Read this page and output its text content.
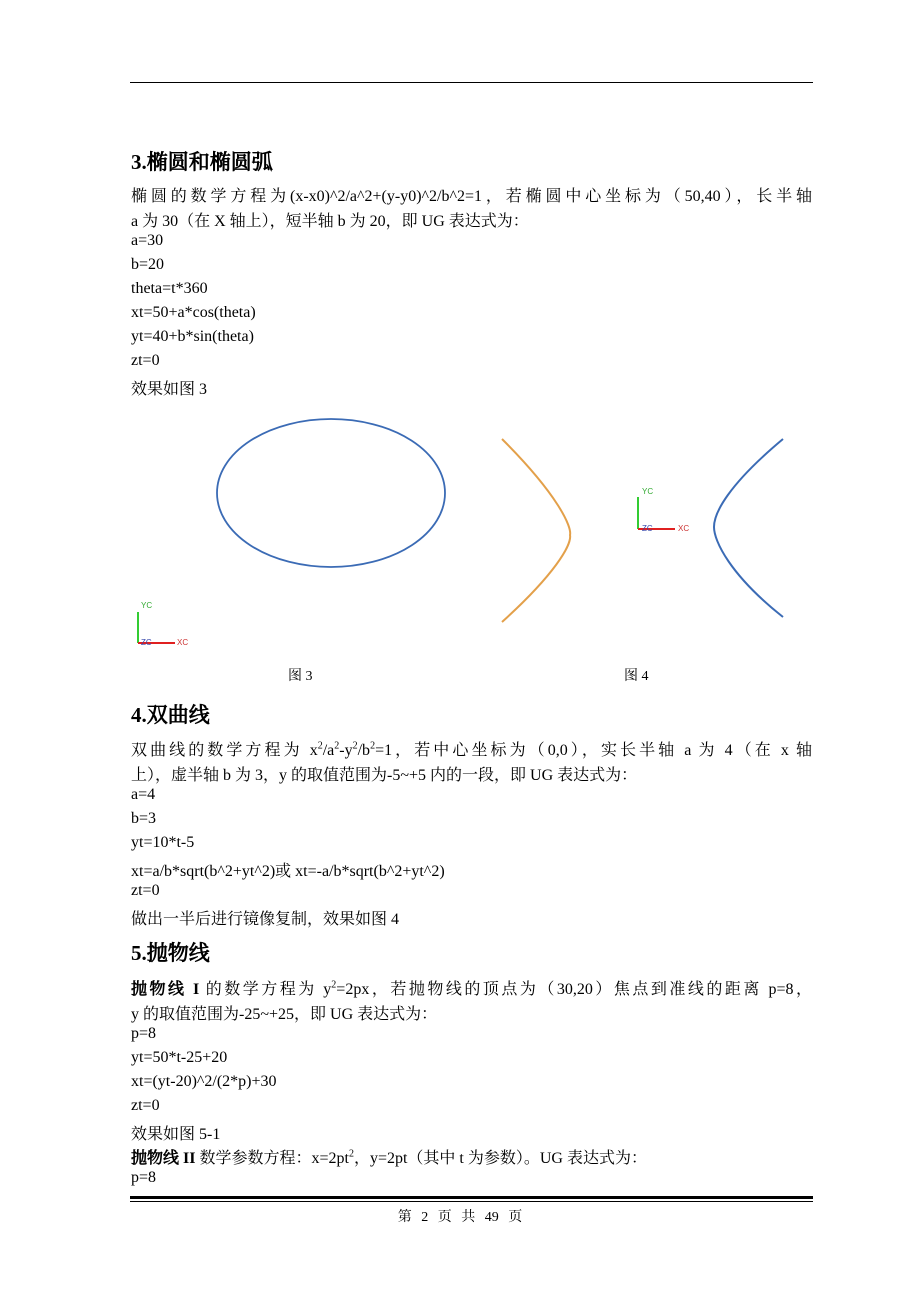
3.椭圆和椭圆弧
椭圆的数学方程为(x-x0)^2/a^2+(y-y0)^2/b^2=1，若椭圆中心坐标为（50,40），长半轴
a 为 30（在 X 轴上），短半轴 b 为 20，即 UG 表达式为：
a=30
b=20
theta=t*360
xt=50+a*cos(theta)
yt=40+b*sin(theta)
zt=0
效果如图 3
YC
ZC	XC
YC
ZC	XC
图 3	图 4
4.双曲线
双曲线的数学方程为 $x^2/a^2-y^2/b^2=1$，若中心坐标为（0,0），实长半轴 a 为 4（在 x 轴
上），虚半轴 b 为 3，y 的取值范围为-5~+5 内的一段，即 UG 表达式为：
a=4
b=3
yt=10*t-5
xt=a/b*sqrt(b^2+yt^2)或 xt=-a/b*sqrt(b^2+yt^2)
zt=0
做出一半后进行镜像复制，效果如图 4
5.抛物线
抛物线 I 的数学方程为 $y^2=2px$，若抛物线的顶点为（30,20）焦点到准线的距离 p=8，
y 的取值范围为-25~+25，即 UG 表达式为：
p=8
yt=50*t-25+20
xt=(yt-20)^2/(2*p)+30
zt=0
效果如图 5-1
抛物线 II 数学参数方程：$x=2pt^2$，y=2pt（其中 t 为参数）。UG 表达式为：
p=8
第 2 页 共 49 页
